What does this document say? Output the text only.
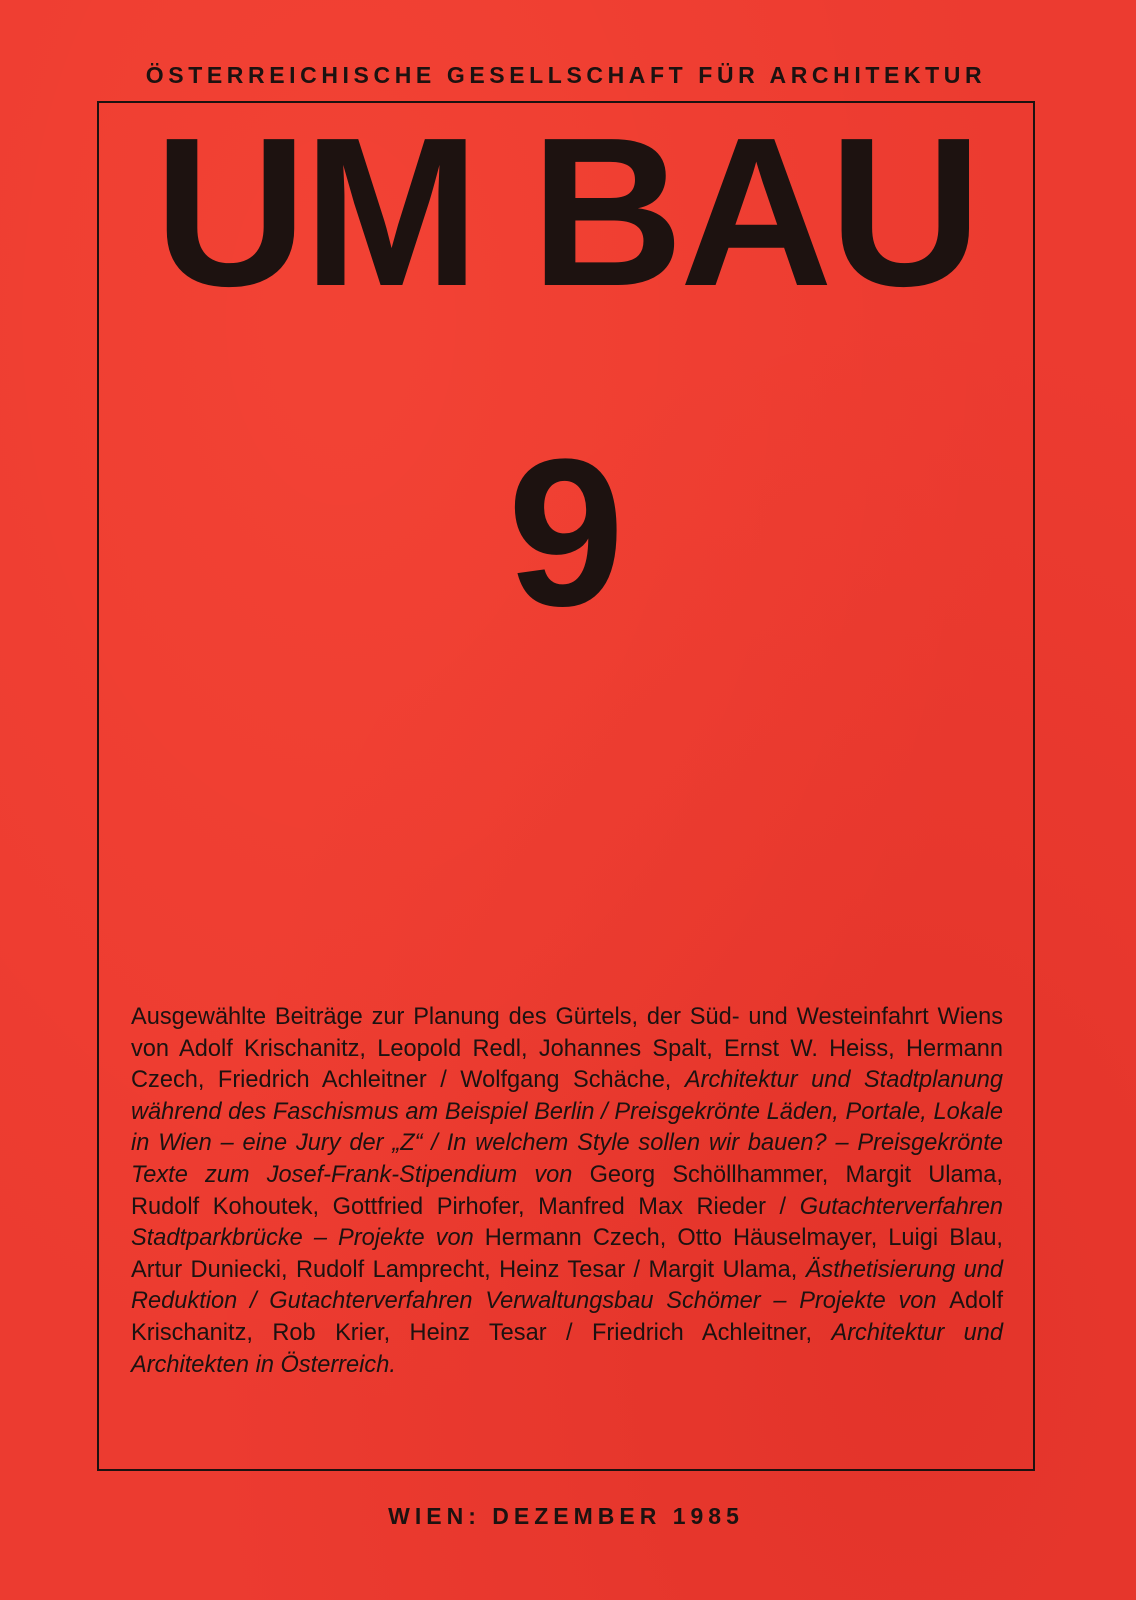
ÖSTERREICHISCHE GESELLSCHAFT FÜR ARCHITEKTUR
UM BAU
9
Ausgewählte Beiträge zur Planung des Gürtels, der Süd- und Westeinfahrt Wiens von Adolf Krischanitz, Leopold Redl, Johannes Spalt, Ernst W. Heiss, Hermann Czech, Friedrich Achleitner / Wolfgang Schäche, Architektur und Stadtplanung während des Faschismus am Beispiel Berlin / Preisgekrönte Läden, Portale, Lokale in Wien – eine Jury der „Z“ / In welchem Style sollen wir bauen? – Preisgekrönte Texte zum Josef-Frank-Stipendium von Georg Schöllhammer, Margit Ulama, Rudolf Kohoutek, Gottfried Pirhofer, Manfred Max Rieder / Gutachterverfahren Stadtparkbrücke – Projekte von Hermann Czech, Otto Häuselmayer, Luigi Blau, Artur Duniecki, Rudolf Lamprecht, Heinz Tesar / Margit Ulama, Ästhetisierung und Reduktion / Gutachterverfahren Verwaltungsbau Schömer – Projekte von Adolf Krischanitz, Rob Krier, Heinz Tesar / Friedrich Achleitner, Architektur und Architekten in Österreich.
WIEN: DEZEMBER 1985
